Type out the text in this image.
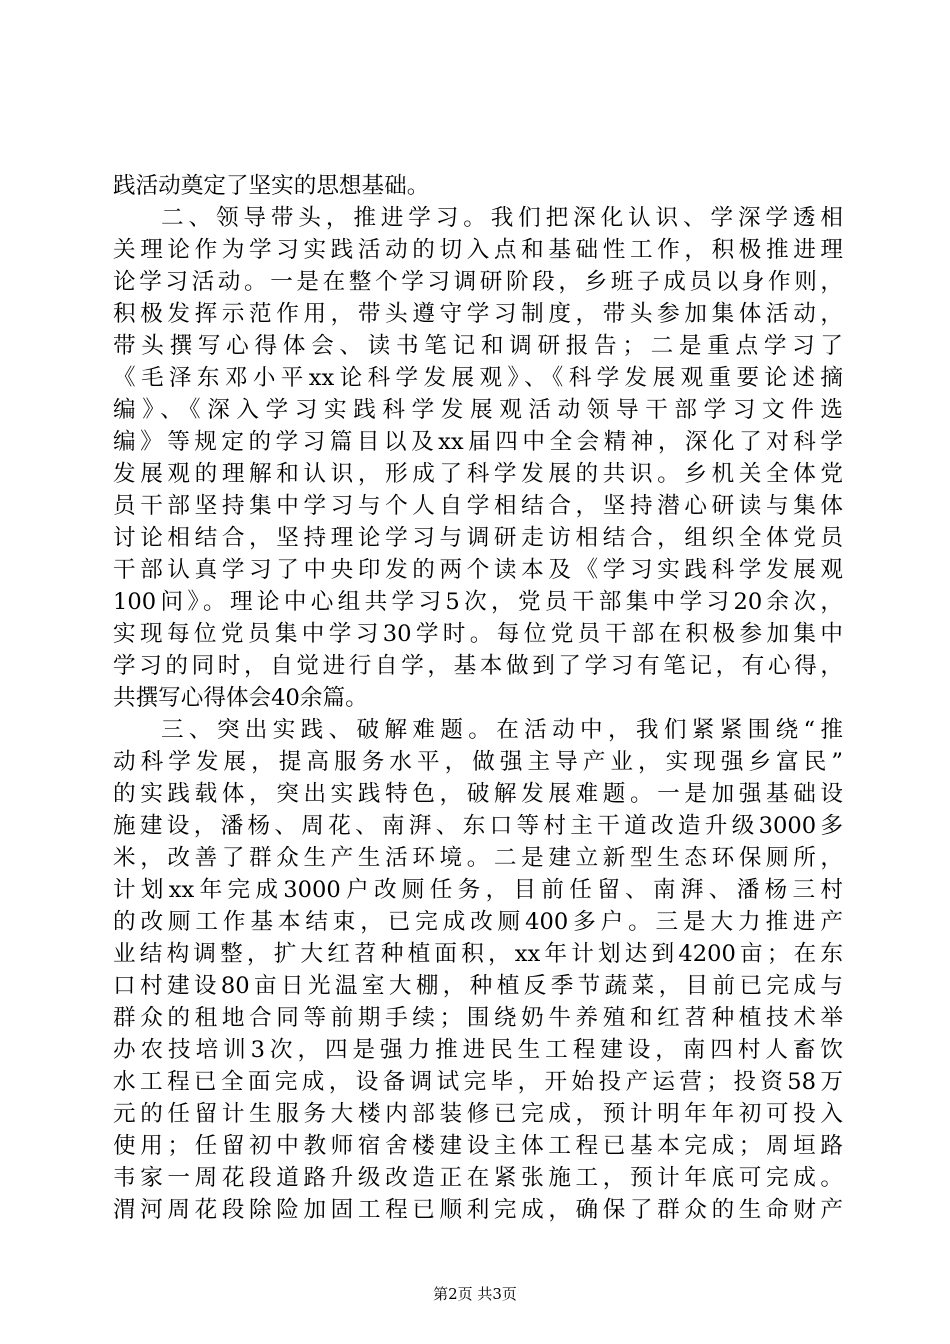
践活动奠定了坚实的思想基础。
二、领导带头，推进学习。我们把深化认识、学深学透相
关理论作为学习实践活动的切入点和基础性工作，积极推进理
论学习活动。一是在整个学习调研阶段，乡班子成员以身作则，
积极发挥示范作用，带头遵守学习制度，带头参加集体活动，
带头撰写心得体会、读书笔记和调研报告；二是重点学习了
《毛泽东邓小平xx论科学发展观》、《科学发展观重要论述摘
编》、《深入学习实践科学发展观活动领导干部学习文件选
编》等规定的学习篇目以及xx届四中全会精神，深化了对科学
发展观的理解和认识，形成了科学发展的共识。乡机关全体党
员干部坚持集中学习与个人自学相结合，坚持潜心研读与集体
讨论相结合，坚持理论学习与调研走访相结合，组织全体党员
干部认真学习了中央印发的两个读本及《学习实践科学发展观
100问》。理论中心组共学习5次，党员干部集中学习20余次，
实现每位党员集中学习30学时。每位党员干部在积极参加集中
学习的同时，自觉进行自学，基本做到了学习有笔记，有心得，
共撰写心得体会40余篇。
三、突出实践、破解难题。在活动中，我们紧紧围绕“推
动科学发展，提高服务水平，做强主导产业，实现强乡富民”
的实践载体，突出实践特色，破解发展难题。一是加强基础设
施建设，潘杨、周花、南湃、东口等村主干道改造升级3000多
米，改善了群众生产生活环境。二是建立新型生态环保厕所，
计划xx年完成3000户改厕任务，目前任留、南湃、潘杨三村
的改厕工作基本结束，已完成改厕400多户。三是大力推进产
业结构调整，扩大红苕种植面积，xx年计划达到4200亩；在东
口村建设80亩日光温室大棚，种植反季节蔬菜，目前已完成与
群众的租地合同等前期手续；围绕奶牛养殖和红苕种植技术举
办农技培训3次，四是强力推进民生工程建设，南四村人畜饮
水工程已全面完成，设备调试完毕，开始投产运营；投资58万
元的任留计生服务大楼内部装修已完成，预计明年年初可投入
使用；任留初中教师宿舍楼建设主体工程已基本完成；周垣路
韦家一周花段道路升级改造正在紧张施工，预计年底可完成。
渭河周花段除险加固工程已顺利完成，确保了群众的生命财产
第2页 共3页
